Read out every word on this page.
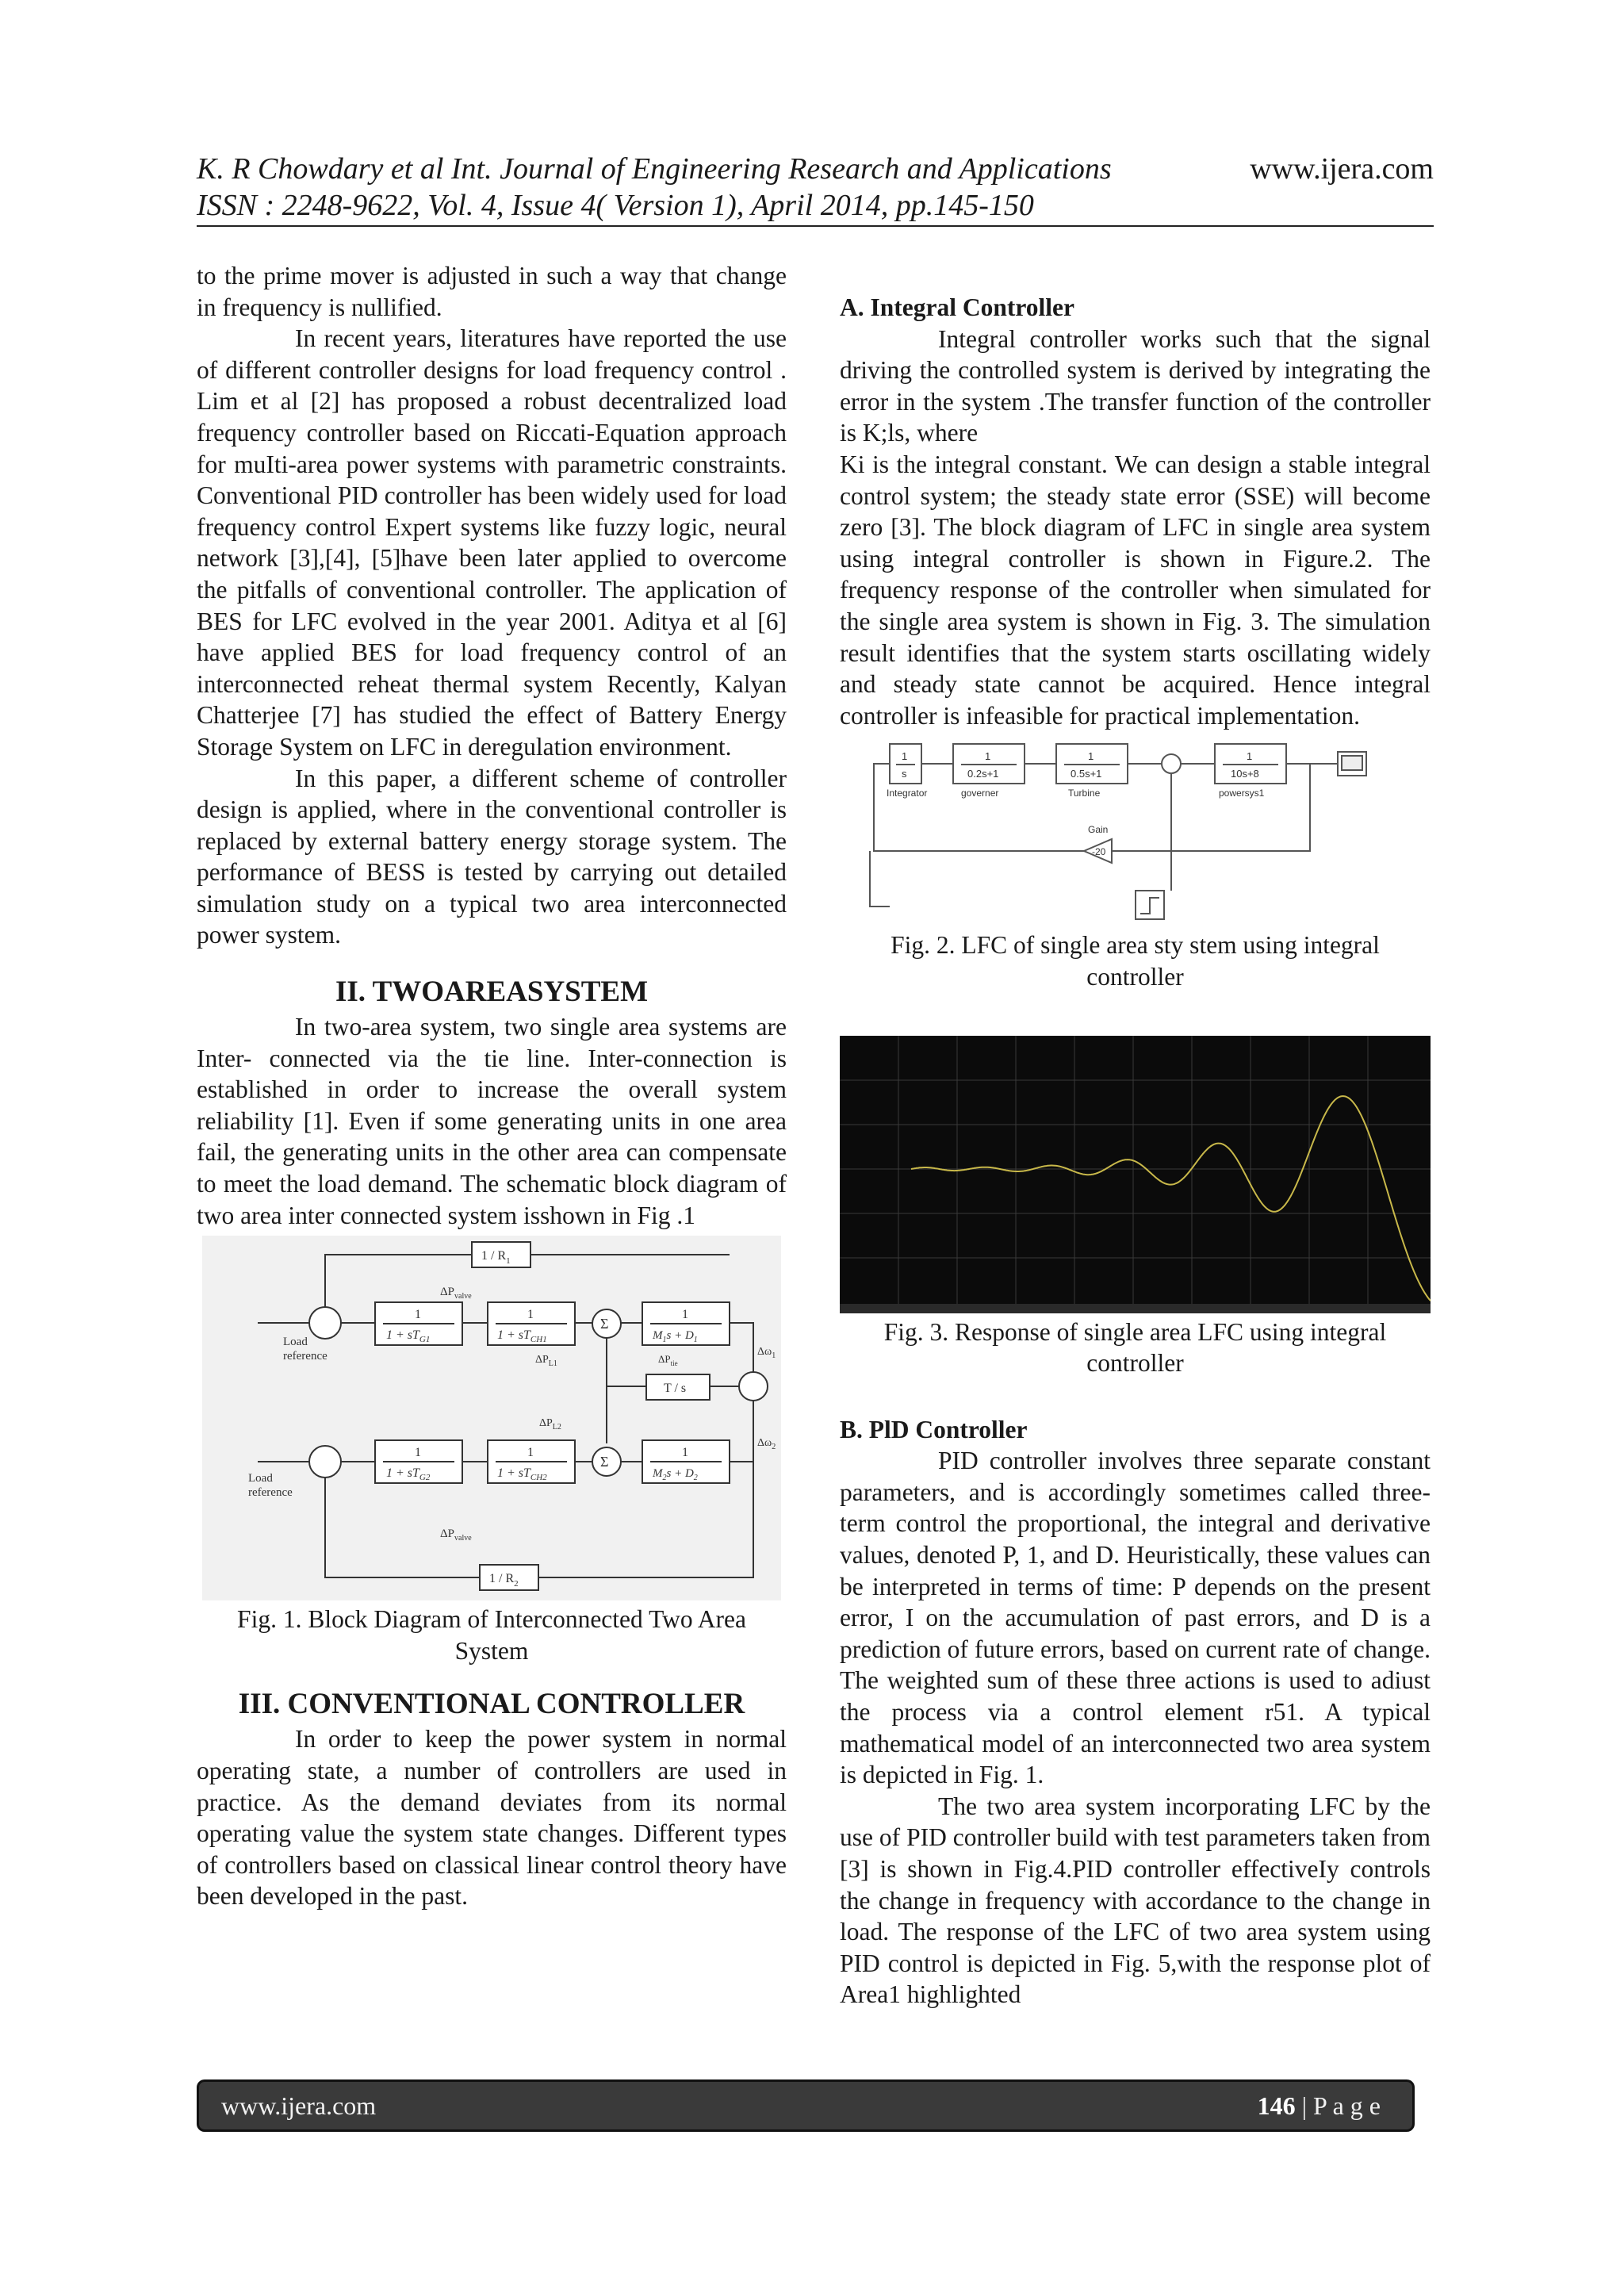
K. R Chowdary et al Int. Journal of Engineering Research and Applications	www.ijera.com
ISSN : 2248-9622, Vol. 4, Issue 4( Version 1), April 2014, pp.145-150

to the prime mover is adjusted in such a way that change in frequency is nullified.

In recent years, literatures have reported the use of different controller designs for load frequency control . Lim et al [2] has proposed a robust decentralized load frequency controller based on Riccati-Equation approach for muIti-area power systems with parametric constraints. Conventional PID controller has been widely used for load frequency control Expert systems like fuzzy logic, neural network [3],[4], [5]have been later applied to overcome the pitfalls of conventional controller. The application of BES for LFC evolved in the year 2001. Aditya et al [6] have applied BES for load frequency control of an interconnected reheat thermal system Recently, Kalyan Chatterjee [7] has studied the effect of Battery Energy Storage System on LFC in deregulation environment.

In this paper, a different scheme of controller design is applied, where in the conventional controller is replaced by external battery energy storage system. The performance of BESS is tested by carrying out detailed simulation study on a typical two area interconnected power system.

II. TWOAREASYSTEM

In two-area system, two single area systems are Inter- connected via the tie line. Inter-connection is established in order to increase the overall system reliability [1]. Even if some generating units in one area fail, the generating units in the other area can compensate to meet the load demand. The schematic block diagram of two area inter connected system isshown in Fig .1

$1 / R_1$
1
$1 + sT_{G1}$
1
$1 + sT_{CH1}$
Σ
1
$M_1s + D_1$
Load
reference
$\Delta P_{valve}$
$\Delta P_{L1}$
$\Delta\omega_1$
T / s
$\Delta P_{tie}$
1
$1 + sT_{G2}$
1
$1 + sT_{CH2}$
Σ
1
$M_2s + D_2$
Load
reference
$\Delta P_{valve}$
$\Delta P_{L2}$
$\Delta\omega_2$
$1 / R_2$

Fig. 1. Block Diagram of Interconnected Two Area System

III. CONVENTIONAL CONTROLLER

In order to keep the power system in normal operating state, a number of controllers are used in practice. As the demand deviates from its normal operating value the system state changes. Different types of controllers based on classical linear control theory have been developed in the past.

A. Integral Controller

Integral controller works such that the signal driving the controlled system is derived by integrating the error in the system .The transfer function of the controller is K;ls, where

Ki is the integral constant. We can design a stable integral control system; the steady state error (SSE) will become zero [3]. The block diagram of LFC in single area system using integral controller is shown in Figure.2. The frequency response of the controller when simulated for the single area system is shown in Fig. 3. The simulation result identifies that the system starts oscillating widely and steady state cannot be acquired. Hence integral controller is infeasible for practical implementation.

1
s
Integrator
1
0.2s+1
governer
1
0.5s+1
Turbine
1
10s+8
powersys1
-20
Gain

Fig. 2. LFC of single area sty stem using integral controller

Fig. 3. Response of single area LFC using integral controller

B. PlD Controller

PID controller involves three separate constant parameters, and is accordingly sometimes called three-term control the proportional, the integral and derivative values, denoted P, 1, and D. Heuristically, these values can be interpreted in terms of time: P depends on the present error, I on the accumulation of past errors, and D is a prediction of future errors, based on current rate of change. The weighted sum of these three actions is used to adiust the process via a control element r51. A typical mathematical model of an interconnected two area system is depicted in Fig. 1.

The two area system incorporating LFC by the use of PID controller build with test parameters taken from [3] is shown in Fig.4.PID controller effectiveIy controls the change in frequency with accordance to the change in load. The response of the LFC of two area system using PID control is depicted in Fig. 5,with the response plot of Area1 highlighted

www.ijera.com	146 | P a g e
